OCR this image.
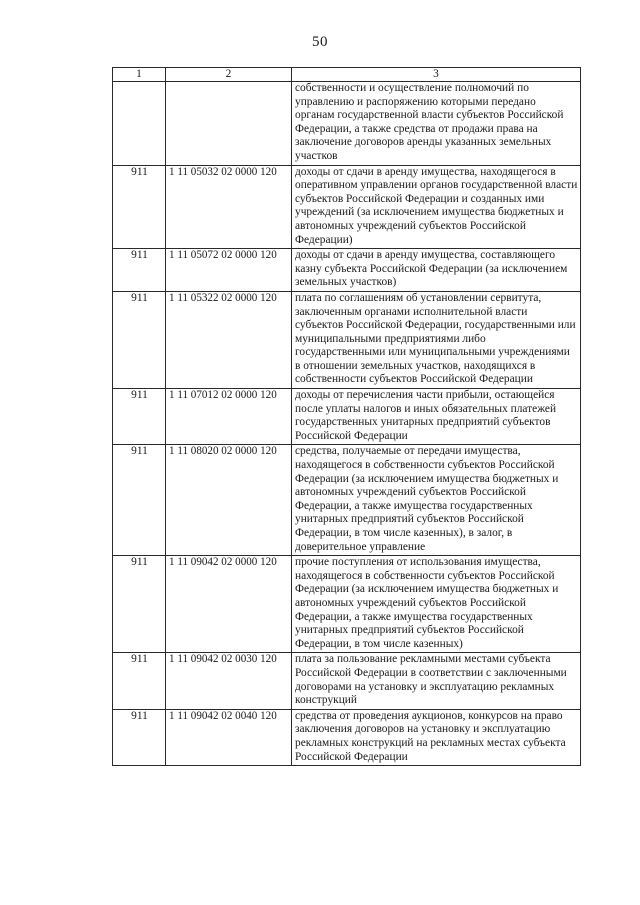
50
1	2	3
		собственности и осуществление полномочий по управлению и распоряжению которыми передано органам государственной власти субъектов Российской Федерации, а также средства от продажи права на заключение договоров аренды указанных земельных участков
911	1 11 05032 02 0000 120	доходы от сдачи в аренду имущества, находящегося в оперативном управлении органов государственной власти субъектов Российской Федерации и созданных ими учреждений (за исключением имущества бюджетных и автономных учреждений субъектов Российской Федерации)
911	1 11 05072 02 0000 120	доходы от сдачи в аренду имущества, составляющего казну субъекта Российской Федерации (за исключением земельных участков)
911	1 11 05322 02 0000 120	плата по соглашениям об установлении сервитута, заключенным органами исполнительной власти субъектов Российской Федерации, государственными или муниципальными предприятиями либо государственными или муниципальными учреждениями в отношении земельных участков, находящихся в собственности субъектов Российской Федерации
911	1 11 07012 02 0000 120	доходы от перечисления части прибыли, остающейся после уплаты налогов и иных обязательных платежей государственных унитарных предприятий субъектов Российской Федерации
911	1 11 08020 02 0000 120	средства, получаемые от передачи имущества, находящегося в собственности субъектов Российской Федерации (за исключением имущества бюджетных и автономных учреждений субъектов Российской Федерации, а также имущества государственных унитарных предприятий субъектов Российской Федерации, в том числе казенных), в залог, в доверительное управление
911	1 11 09042 02 0000 120	прочие поступления от использования имущества, находящегося в собственности субъектов Российской Федерации (за исключением имущества бюджетных и автономных учреждений субъектов Российской Федерации, а также имущества государственных унитарных предприятий субъектов Российской Федерации, в том числе казенных)
911	1 11 09042 02 0030 120	плата за пользование рекламными местами субъекта Российской Федерации в соответствии с заключенными договорами на установку и эксплуатацию рекламных конструкций
911	1 11 09042 02 0040 120	средства от проведения аукционов, конкурсов на право заключения договоров на установку и эксплуатацию рекламных конструкций на рекламных местах субъекта Российской Федерации
